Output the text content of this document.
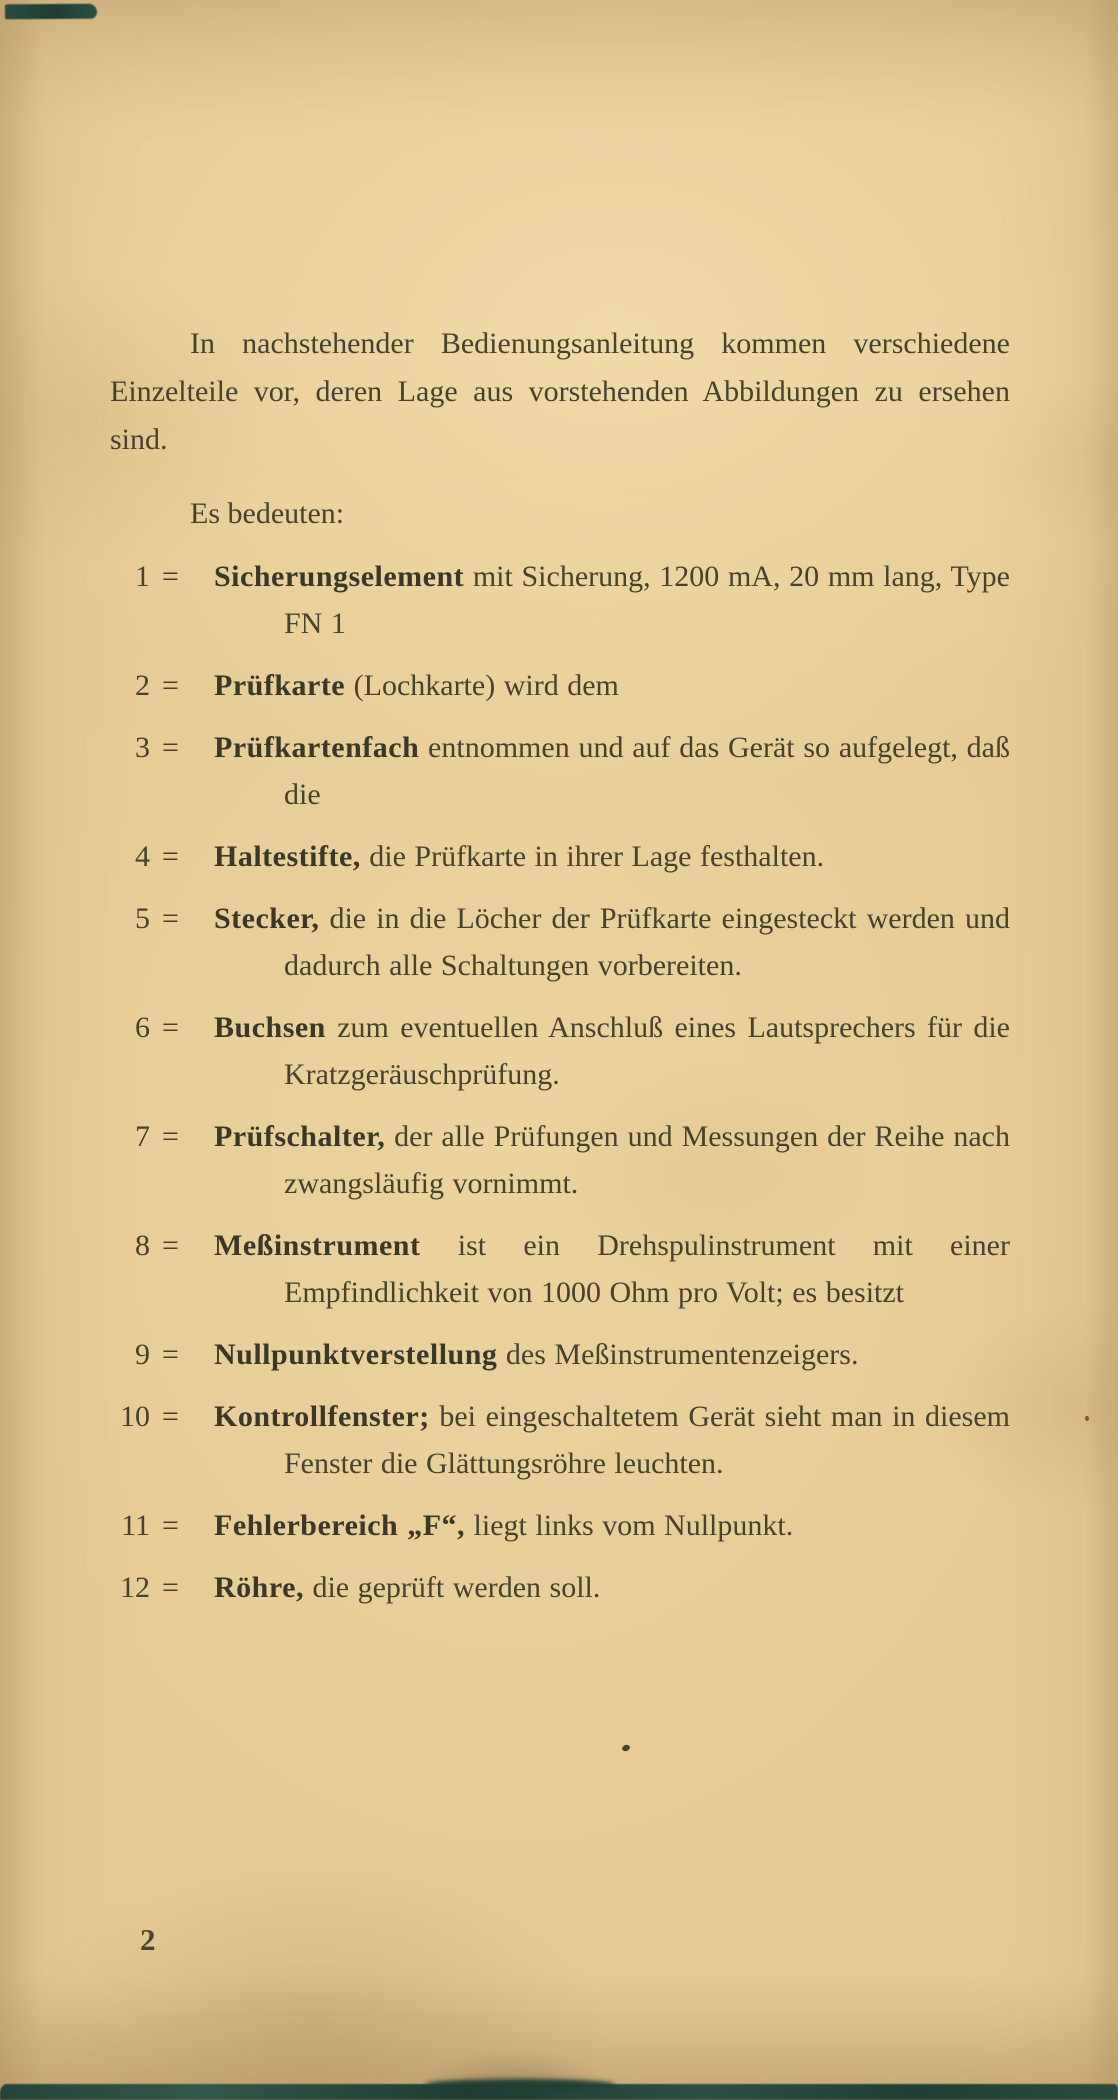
In nachstehender Bedienungsanleitung kommen verschiedene Einzelteile vor, deren Lage aus vorstehenden Abbildungen zu ersehen sind.

Es bedeuten:

1 =	Sicherungselement mit Sicherung, 1200 mA, 20 mm lang, Type FN 1
2 =	Prüfkarte (Lochkarte) wird dem
3 =	Prüfkartenfach entnommen und auf das Gerät so aufgelegt, daß die
4 =	Haltestifte, die Prüfkarte in ihrer Lage festhalten.
5 =	Stecker, die in die Löcher der Prüfkarte eingesteckt werden und dadurch alle Schaltungen vorbereiten.
6 =	Buchsen zum eventuellen Anschluß eines Lautsprechers für die Kratzgeräuschprüfung.
7 =	Prüfschalter, der alle Prüfungen und Messungen der Reihe nach zwangsläufig vornimmt.
8 =	Meßinstrument ist ein Drehspulinstrument mit einer Empfindlichkeit von 1000 Ohm pro Volt; es besitzt
9 =	Nullpunktverstellung des Meßinstrumenten​zeigers.
10 =	Kontrollfenster; bei eingeschaltetem Gerät sieht man in diesem Fenster die Glättungsröhre leuchten.
11 =	Fehlerbereich „F“, liegt links vom Nullpunkt.
12 =	Röhre, die geprüft werden soll.
2
